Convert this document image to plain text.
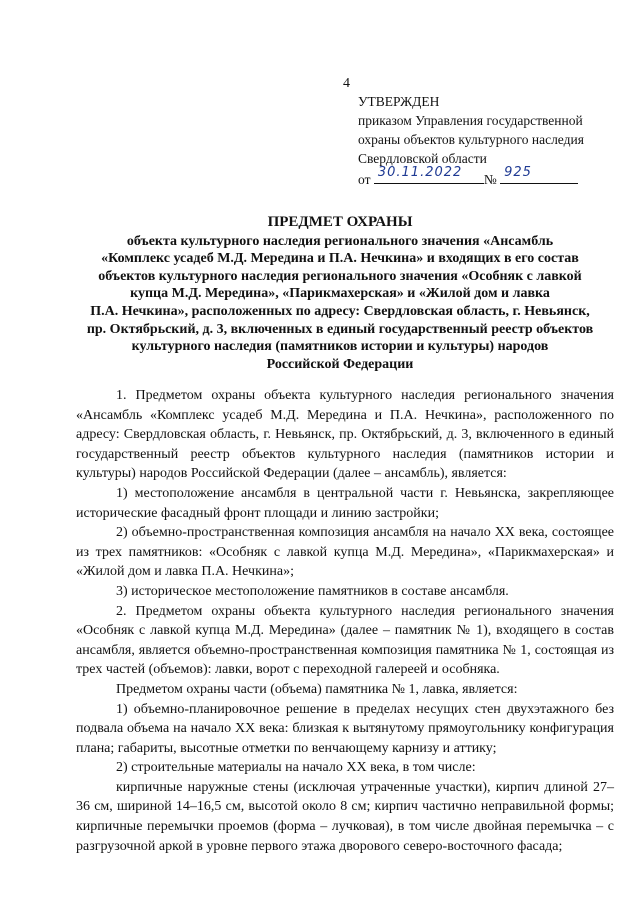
4
УТВЕРЖДЕН
приказом Управления государственной
охраны объектов культурного наследия
Свердловской области
от 30.11.2022 № 925
ПРЕДМЕТ ОХРАНЫ
объекта культурного наследия регионального значения «Ансамбль
«Комплекс усадеб М.Д. Мередина и П.А. Нечкина» и входящих в его состав
объектов культурного наследия регионального значения «Особняк с лавкой
купца М.Д. Мередина», «Парикмахерская» и «Жилой дом и лавка
П.А. Нечкина», расположенных по адресу: Свердловская область, г. Невьянск,
пр. Октябрьский, д. 3, включенных в единый государственный реестр объектов
культурного наследия (памятников истории и культуры) народов
Российской Федерации

1. Предметом охраны объекта культурного наследия регионального значения «Ансамбль «Комплекс усадеб М.Д. Мередина и П.А. Нечкина», расположенного по адресу: Свердловская область, г. Невьянск, пр. Октябрьский, д. 3, включенного в единый государственный реестр объектов культурного наследия (памятников истории и культуры) народов Российской Федерации (далее – ансамбль), является:

1) местоположение ансамбля в центральной части г. Невьянска, закрепляющее исторические фасадный фронт площади и линию застройки;

2) объемно-пространственная композиция ансамбля на начало XX века, состоящее из трех памятников: «Особняк с лавкой купца М.Д. Мередина», «Парикмахерская» и «Жилой дом и лавка П.А. Нечкина»;

3) историческое местоположение памятников в составе ансамбля.

2. Предметом охраны объекта культурного наследия регионального значения «Особняк с лавкой купца М.Д. Мередина» (далее – памятник № 1), входящего в состав ансамбля, является объемно-пространственная композиция памятника № 1, состоящая из трех частей (объемов): лавки, ворот с переходной галереей и особняка.

Предметом охраны части (объема) памятника № 1, лавка, является:

1) объемно-планировочное решение в пределах несущих стен двухэтажного без подвала объема на начало XX века: близкая к вытянутому прямоугольнику конфигурация плана; габариты, высотные отметки по венчающему карнизу и аттику;

2) строительные материалы на начало XX века, в том числе:

кирпичные наружные стены (исключая утраченные участки), кирпич длиной 27–36 см, шириной 14–16,5 см, высотой около 8 см; кирпич частично неправильной формы; кирпичные перемычки проемов (форма – лучковая), в том числе двойная перемычка – с разгрузочной аркой в уровне первого этажа дворового северо-восточного фасада;
